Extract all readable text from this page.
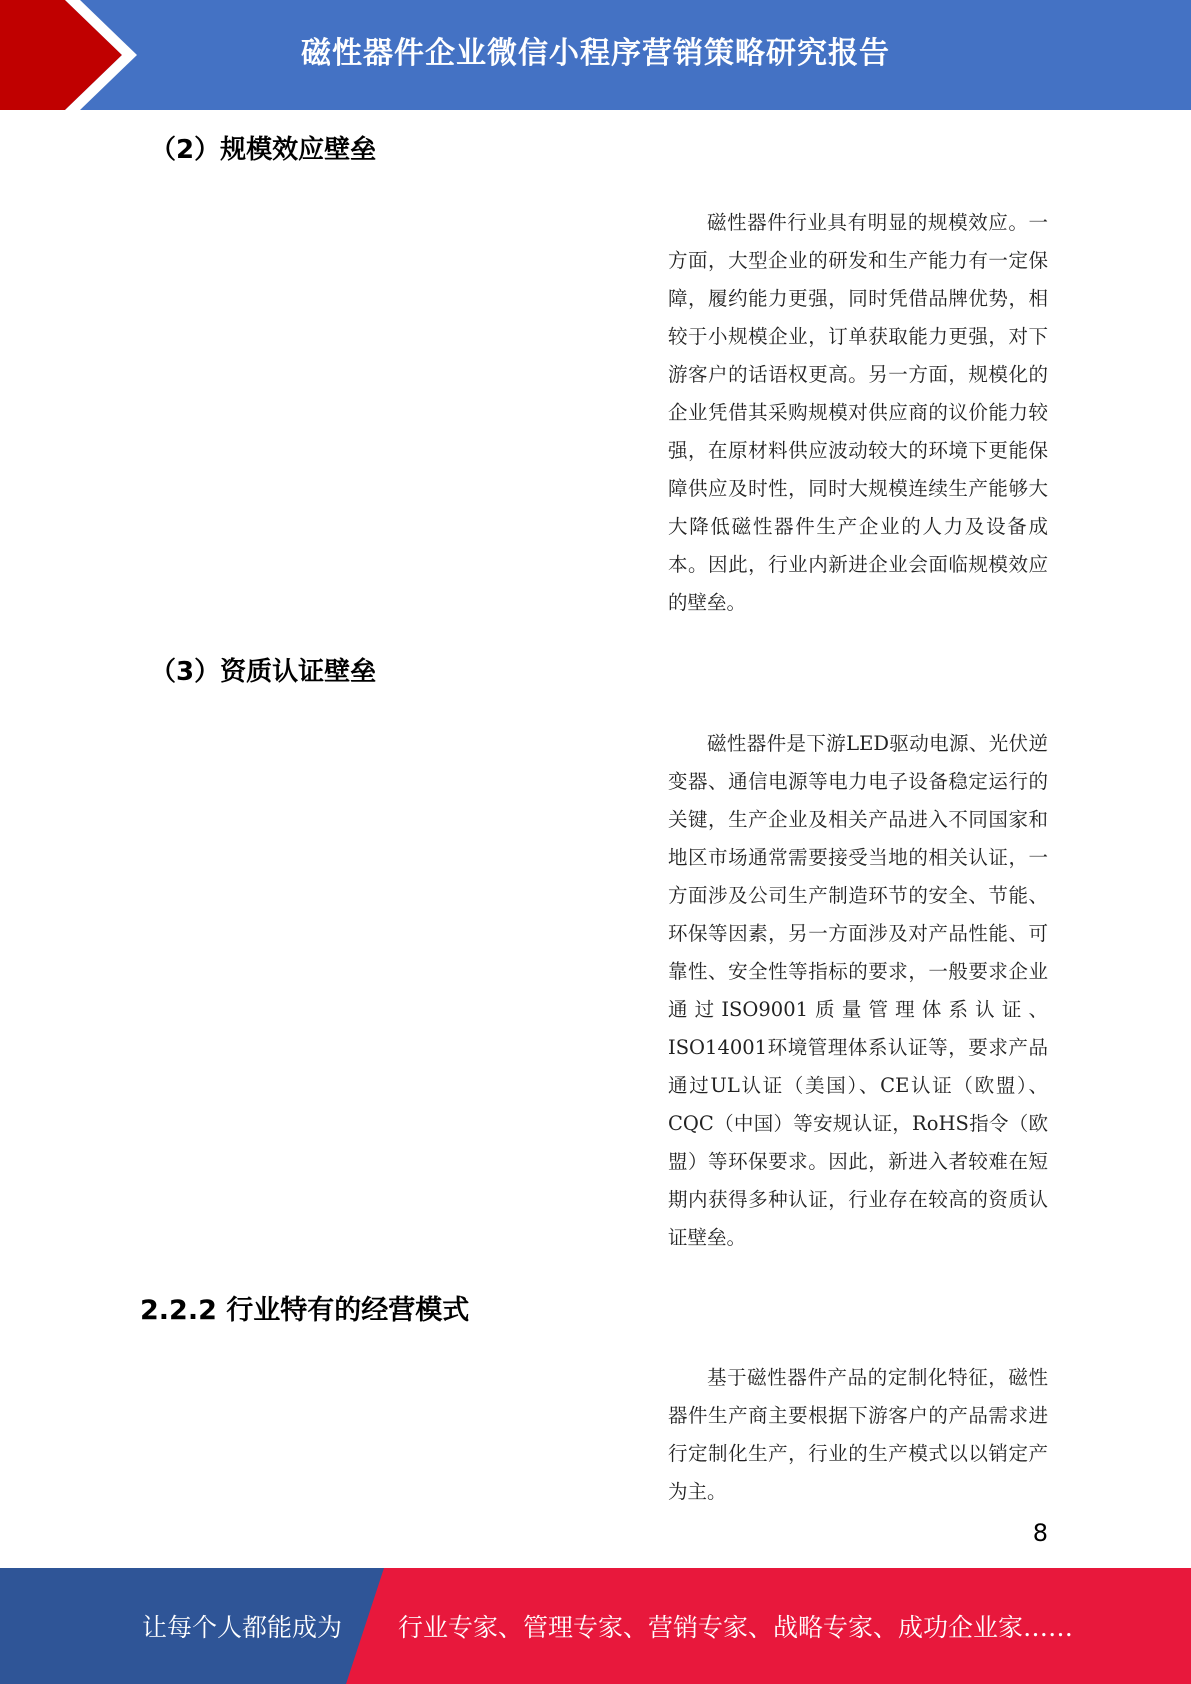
磁性器件企业微信小程序营销策略研究报告
（2）规模效应壁垒

磁性器件行业具有明显的规模效应。一方面，大型企业的研发和生产能力有一定保障，履约能力更强，同时凭借品牌优势，相较于小规模企业，订单获取能力更强，对下游客户的话语权更高。另一方面，规模化的企业凭借其采购规模对供应商的议价能力较强，在原材料供应波动较大的环境下更能保障供应及时性，同时大规模连续生产能够大大降低磁性器件生产企业的人力及设备成本。因此，行业内新进企业会面临规模效应的壁垒。

（3）资质认证壁垒

磁性器件是下游LED驱动电源、光伏逆变器、通信电源等电力电子设备稳定运行的关键，生产企业及相关产品进入不同国家和地区市场通常需要接受当地的相关认证，一方面涉及公司生产制造环节的安全、节能、环保等因素，另一方面涉及对产品性能、可靠性、安全性等指标的要求，一般要求企业通过ISO9001质量管理体系认证、ISO14001环境管理体系认证等，要求产品通过UL认证（美国）、CE认证（欧盟）、CQC（中国）等安规认证，RoHS指令（欧盟）等环保要求。因此，新进入者较难在短期内获得多种认证，行业存在较高的资质认证壁垒。

2.2.2 行业特有的经营模式

基于磁性器件产品的定制化特征，磁性器件生产商主要根据下游客户的产品需求进行定制化生产，行业的生产模式以以销定产为主。

8
让每个人都能成为 行业专家、管理专家、营销专家、战略专家、成功企业家……
